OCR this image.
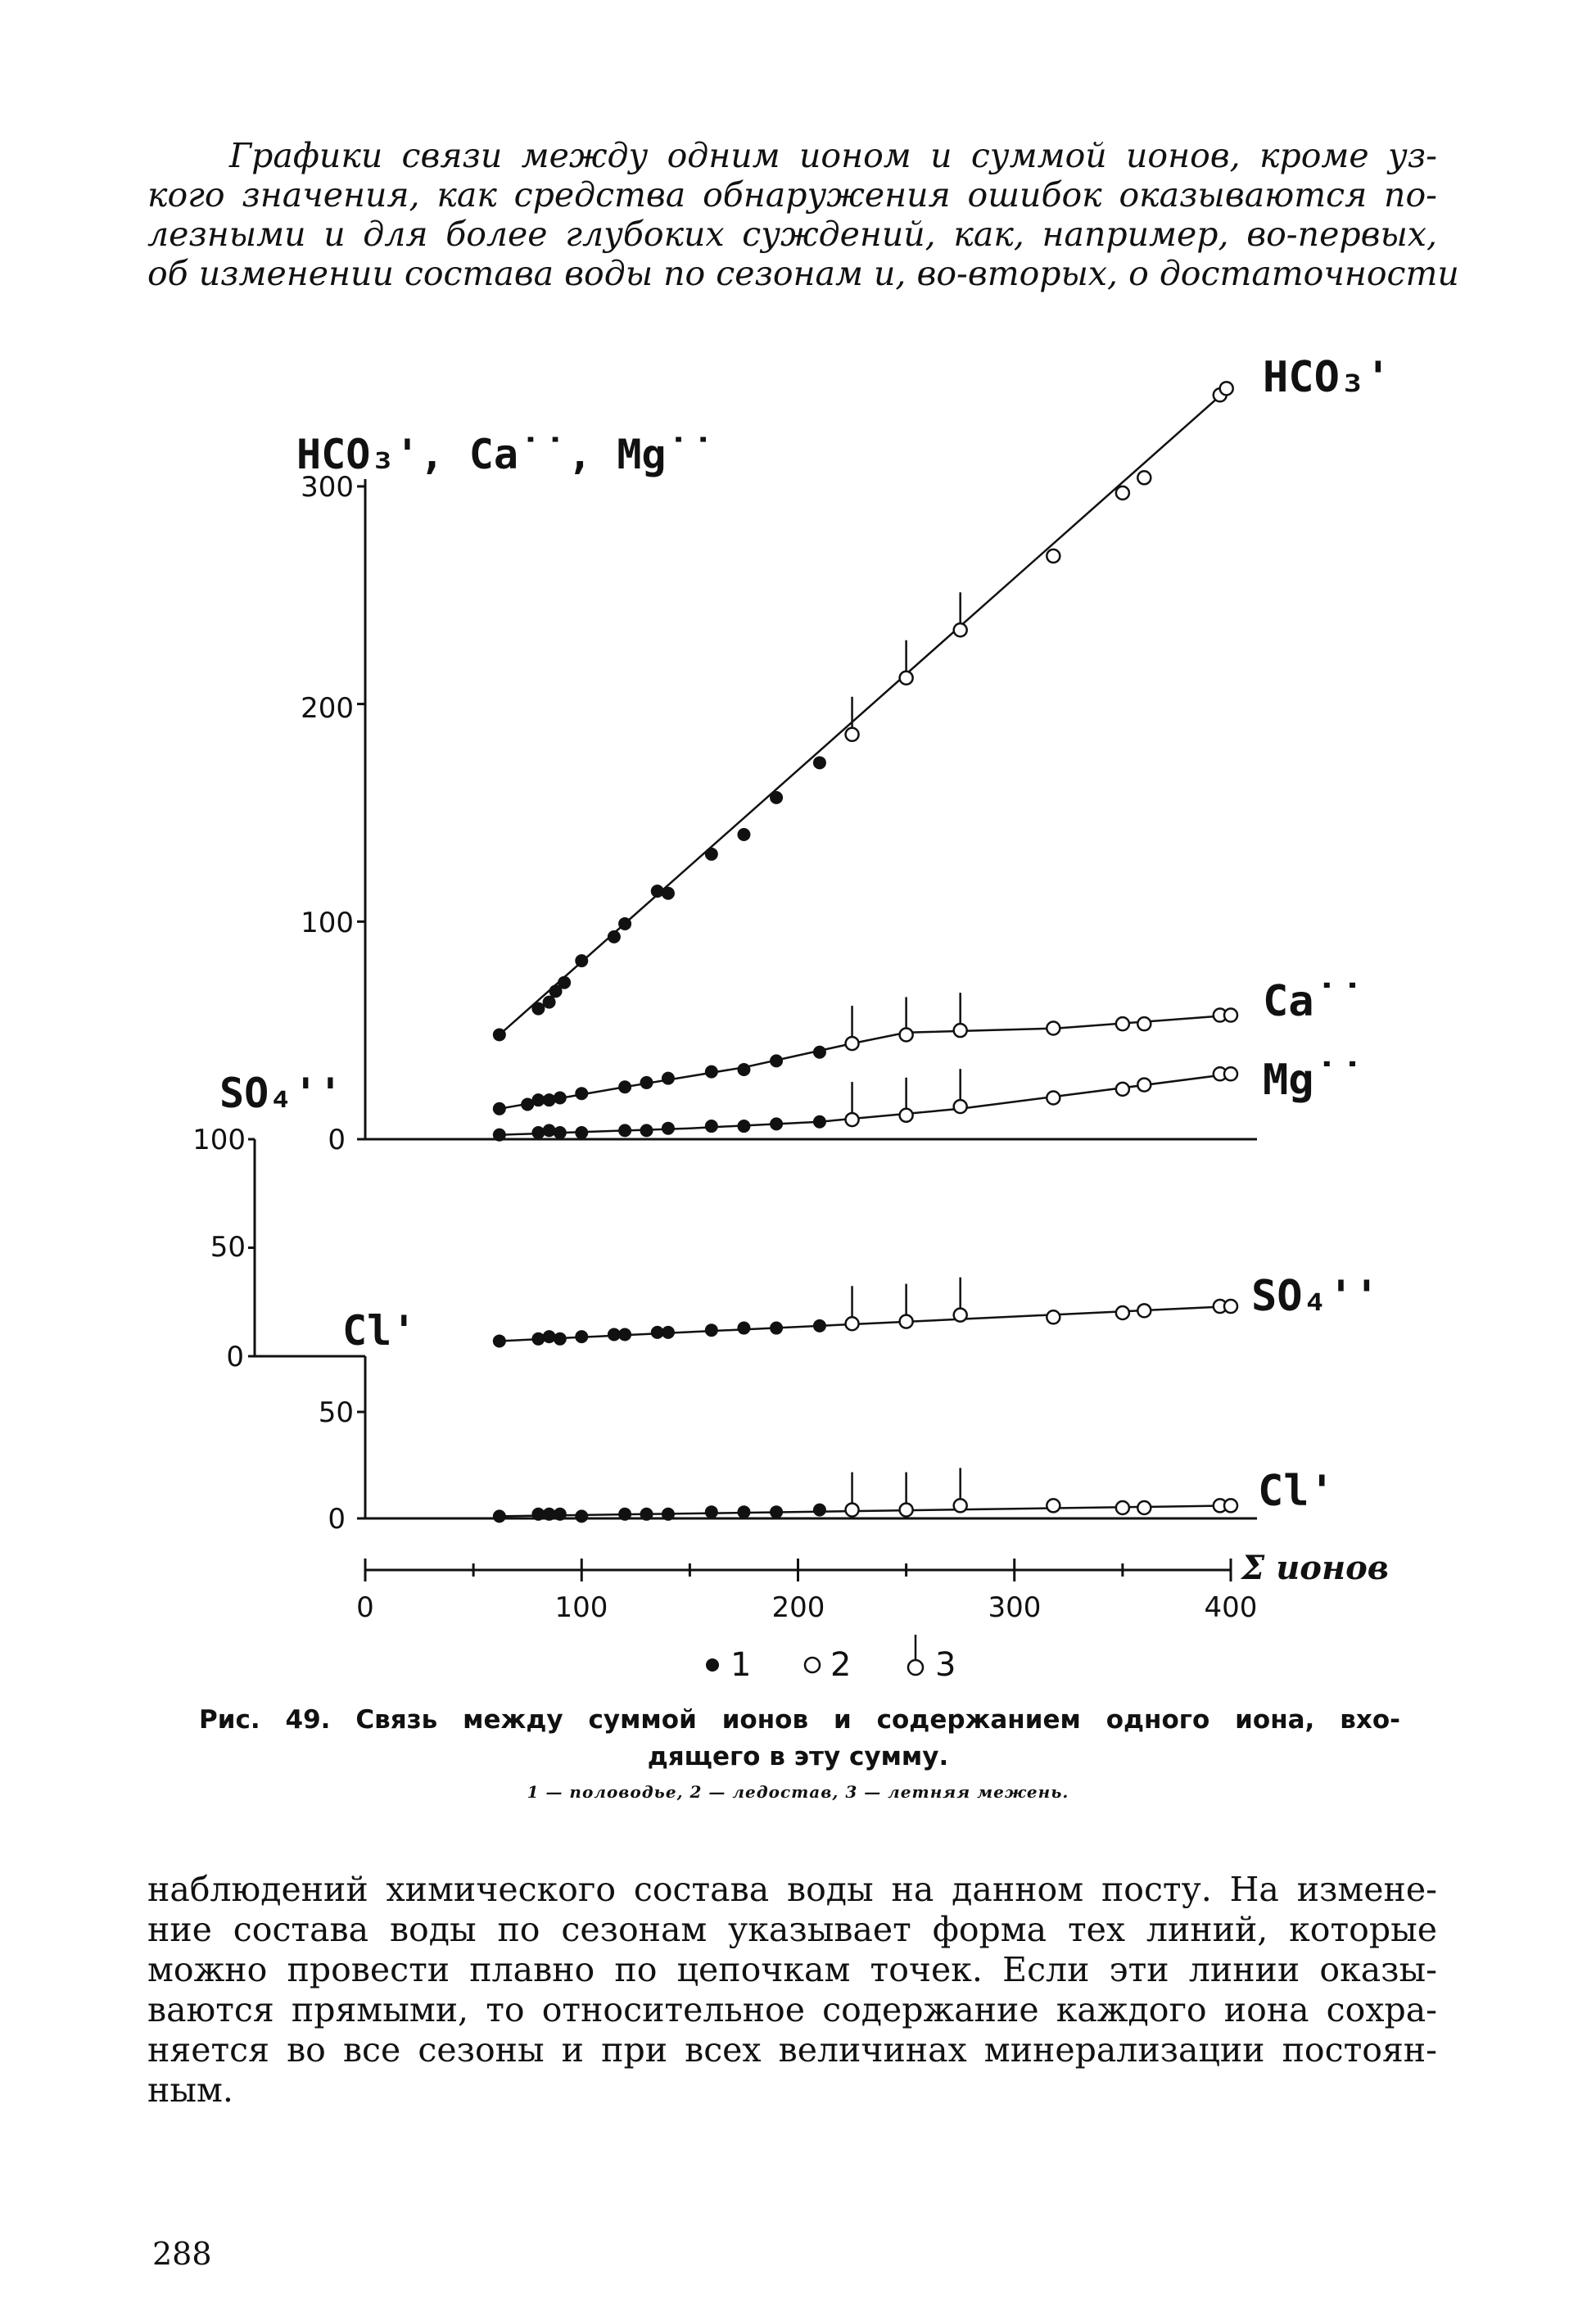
Графики связи между одним ионом и суммой ионов, кроме уз-
кого значения, как средства обнаружения ошибок оказываются по-
лезными и для более глубоких суждений, как, например, во-первых,
об изменении состава воды по сезонам и, во-вторых, о достаточности
HCO₃', Ca˙˙, Mg˙˙
SO₄''
Cl'
HCO₃'
Ca˙˙
Mg˙˙
SO₄''
Cl'
Σ ионов
300
200
100
0
100
50
0
50
0
0	100	200	300	400
1 2	3
Рис. 49. Связь между суммой ионов и содержанием одного иона, вхо-
дящего в эту сумму.
1 — половодье, 2 — ледостав, 3 — летняя межень.
наблюдений химического состава воды на данном посту. На измене-
ние состава воды по сезонам указывает форма тех линий, которые
можно провести плавно по цепочкам точек. Если эти линии оказы-
ваются прямыми, то относительное содержание каждого иона сохра-
няется во все сезоны и при всех величинах минерализации постоян-
ным.
288
